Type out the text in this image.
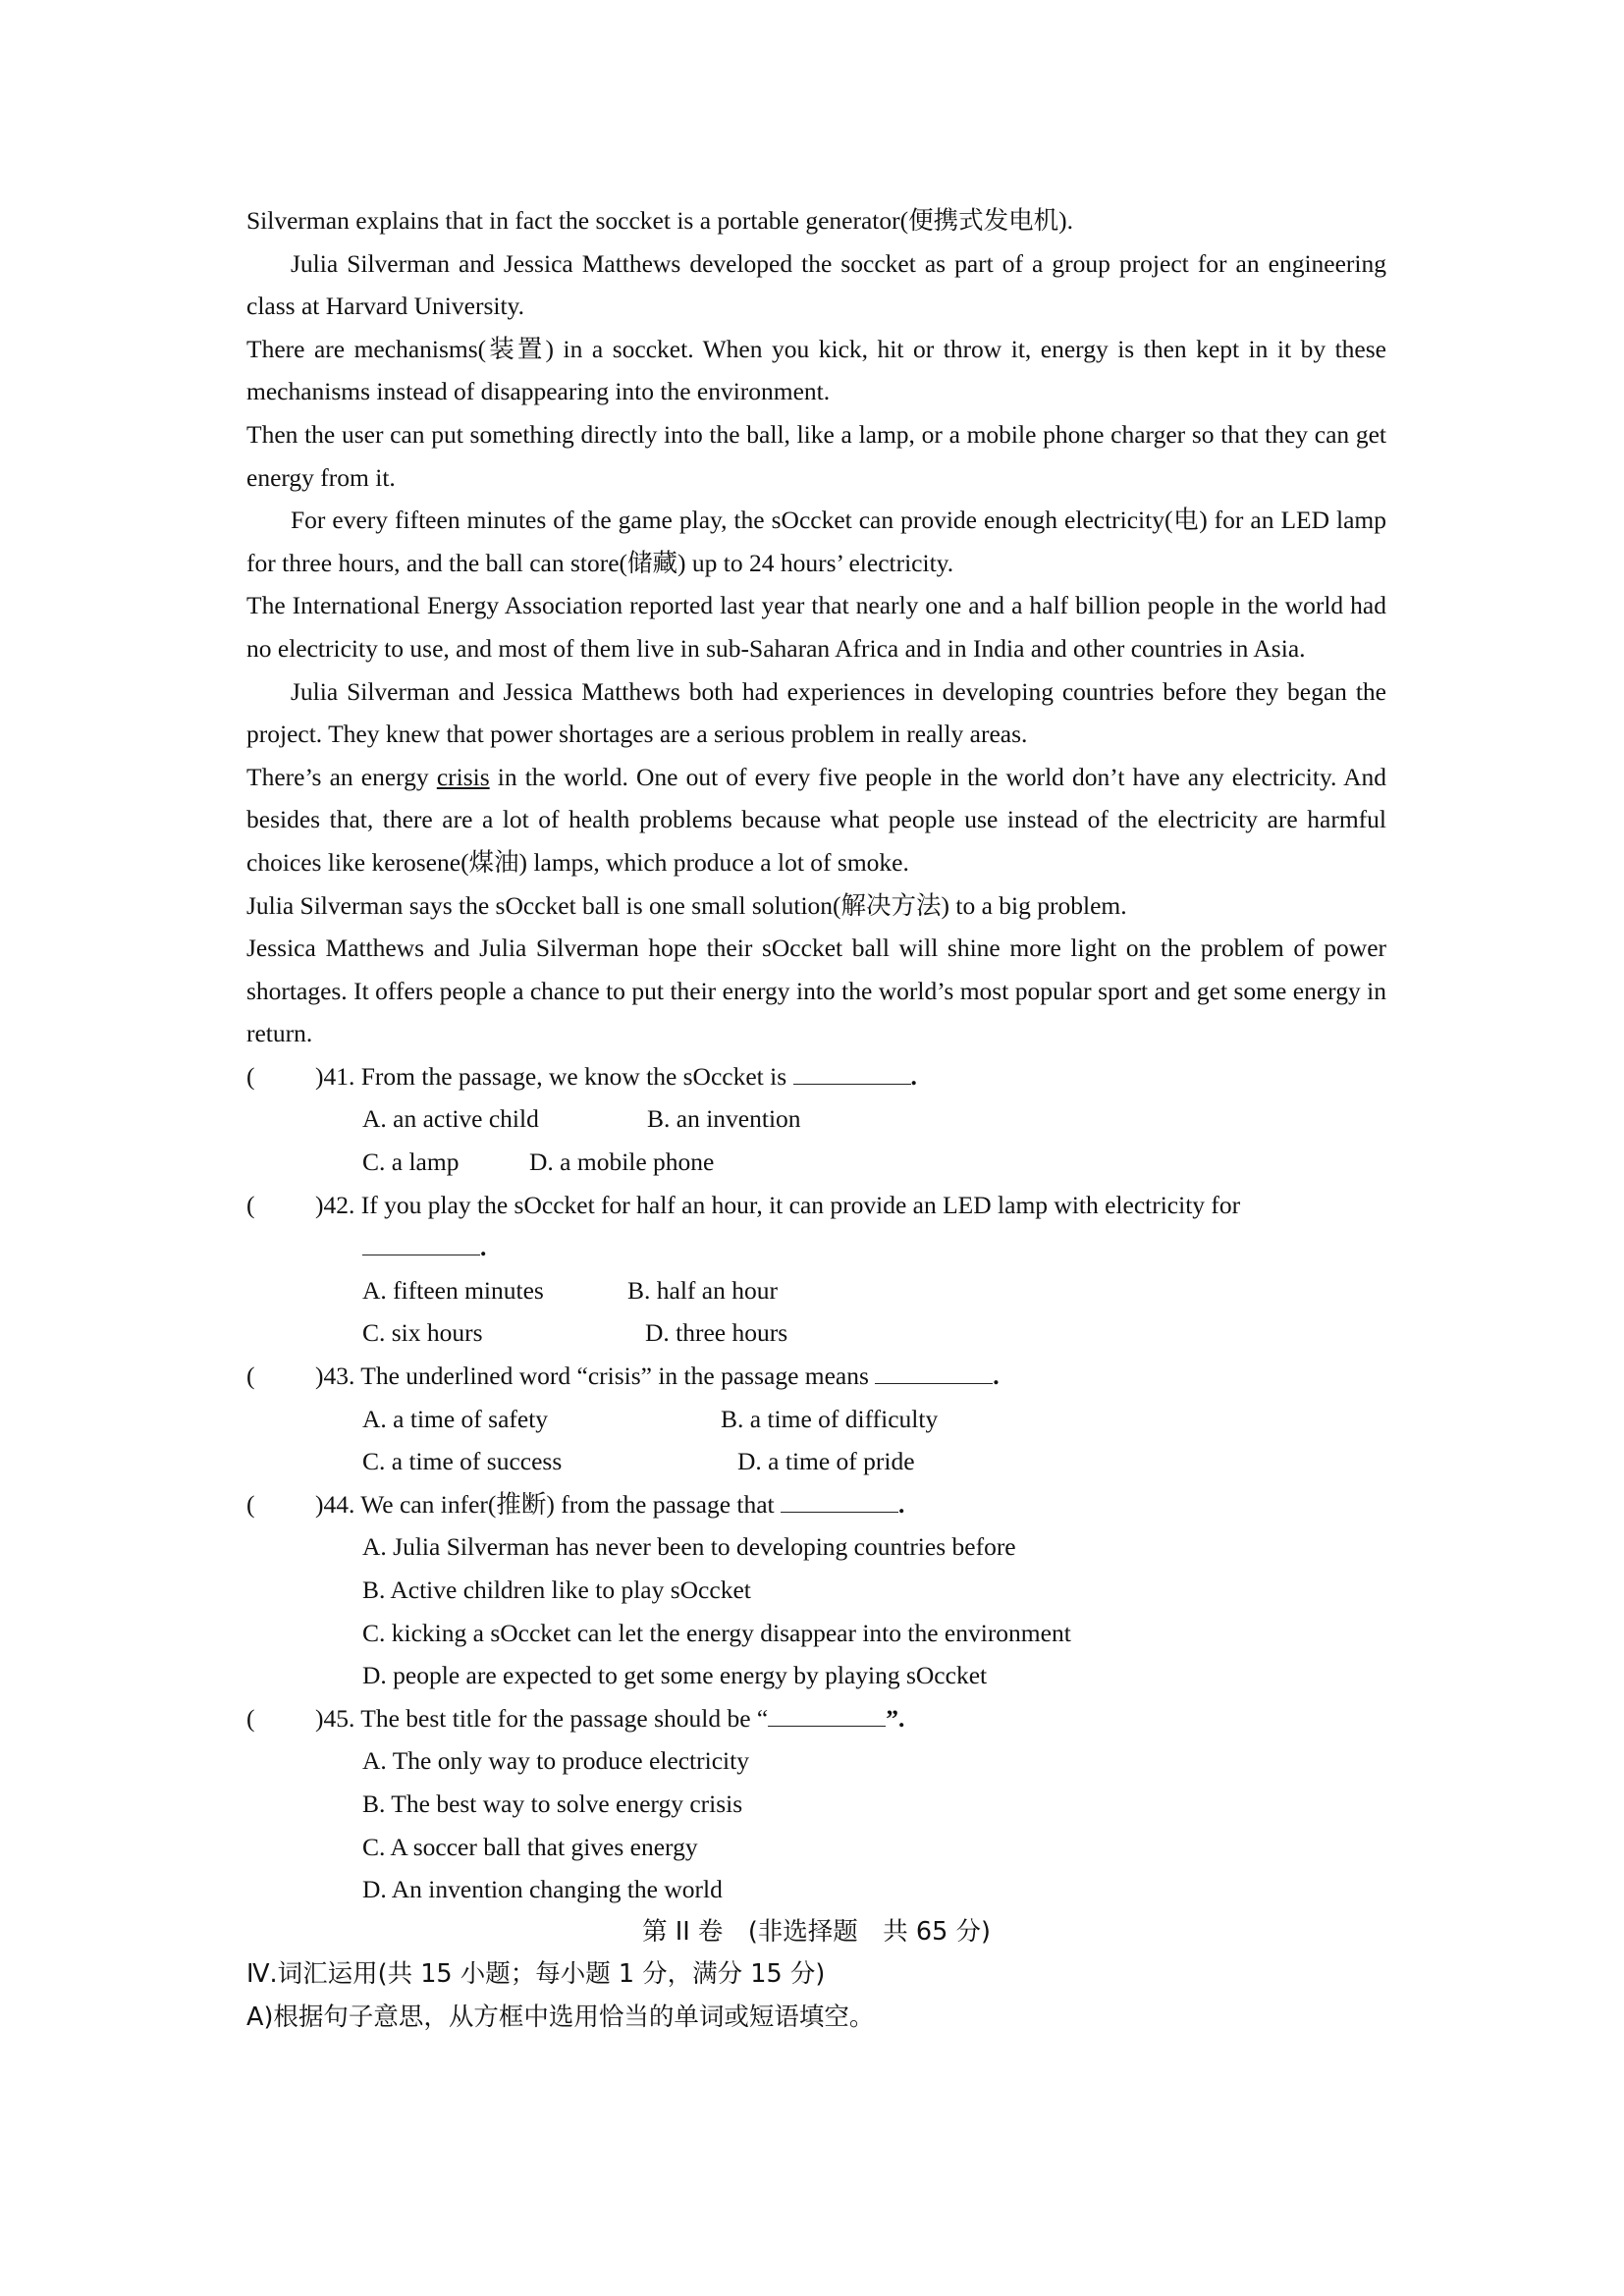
Silverman explains that in fact the soccket is a portable generator(便携式发电机).

Julia Silverman and Jessica Matthews developed the soccket as part of a group project for an engineering class at Harvard University.

There are mechanisms(装置) in a soccket. When you kick, hit or throw it, energy is then kept in it by these mechanisms instead of disappearing into the environment.

Then the user can put something directly into the ball, like a lamp, or a mobile phone charger so that they can get energy from it.

For every fifteen minutes of the game play, the sOccket can provide enough electricity(电) for an LED lamp for three hours, and the ball can store(储藏) up to 24 hours’ electricity.

The International Energy Association reported last year that nearly one and a half billion people in the world had no electricity to use, and most of them live in sub-Saharan Africa and in India and other countries in Asia.

Julia Silverman and Jessica Matthews both had experiences in developing countries before they began the project. They knew that power shortages are a serious problem in really areas.

There’s an energy crisis in the world. One out of every five people in the world don’t have any electricity. And besides that, there are a lot of health problems because what people use instead of the electricity are harmful choices like kerosene(煤油) lamps, which produce a lot of smoke.

Julia Silverman says the sOccket ball is one small solution(解决方法) to a big problem.

Jessica Matthews and Julia Silverman hope their sOccket ball will shine more light on the problem of power shortages. It offers people a chance to put their energy into the world’s most popular sport and get some energy in return.

(	)41. From the passage, we know the sOccket is	.
A. an active child	B. an invention
C. a lamp	D. a mobile phone
(	)42. If you play the sOccket for half an hour, it can provide an LED lamp with electricity for
.
A. fifteen minutes	B. half an hour
C. six hours	D. three hours
(	)43. The underlined word “crisis” in the passage means	.
A. a time of safety	B. a time of difficulty
C. a time of success	D. a time of pride
(	)44. We can infer(推断) from the passage that	.
A. Julia Silverman has never been to developing countries before
B. Active children like to play sOccket
C. kicking a sOccket can let the energy disappear into the environment
D. people are expected to get some energy by playing sOccket
(	)45. The best title for the passage should be “	”.
A. The only way to produce electricity
B. The best way to solve energy crisis
C. A soccer ball that gives energy
D. An invention changing the world

第 II 卷　(非选择题　共 65 分)

Ⅳ.词汇运用(共 15 小题；每小题 1 分，满分 15 分)

A)根据句子意思，从方框中选用恰当的单词或短语填空。
